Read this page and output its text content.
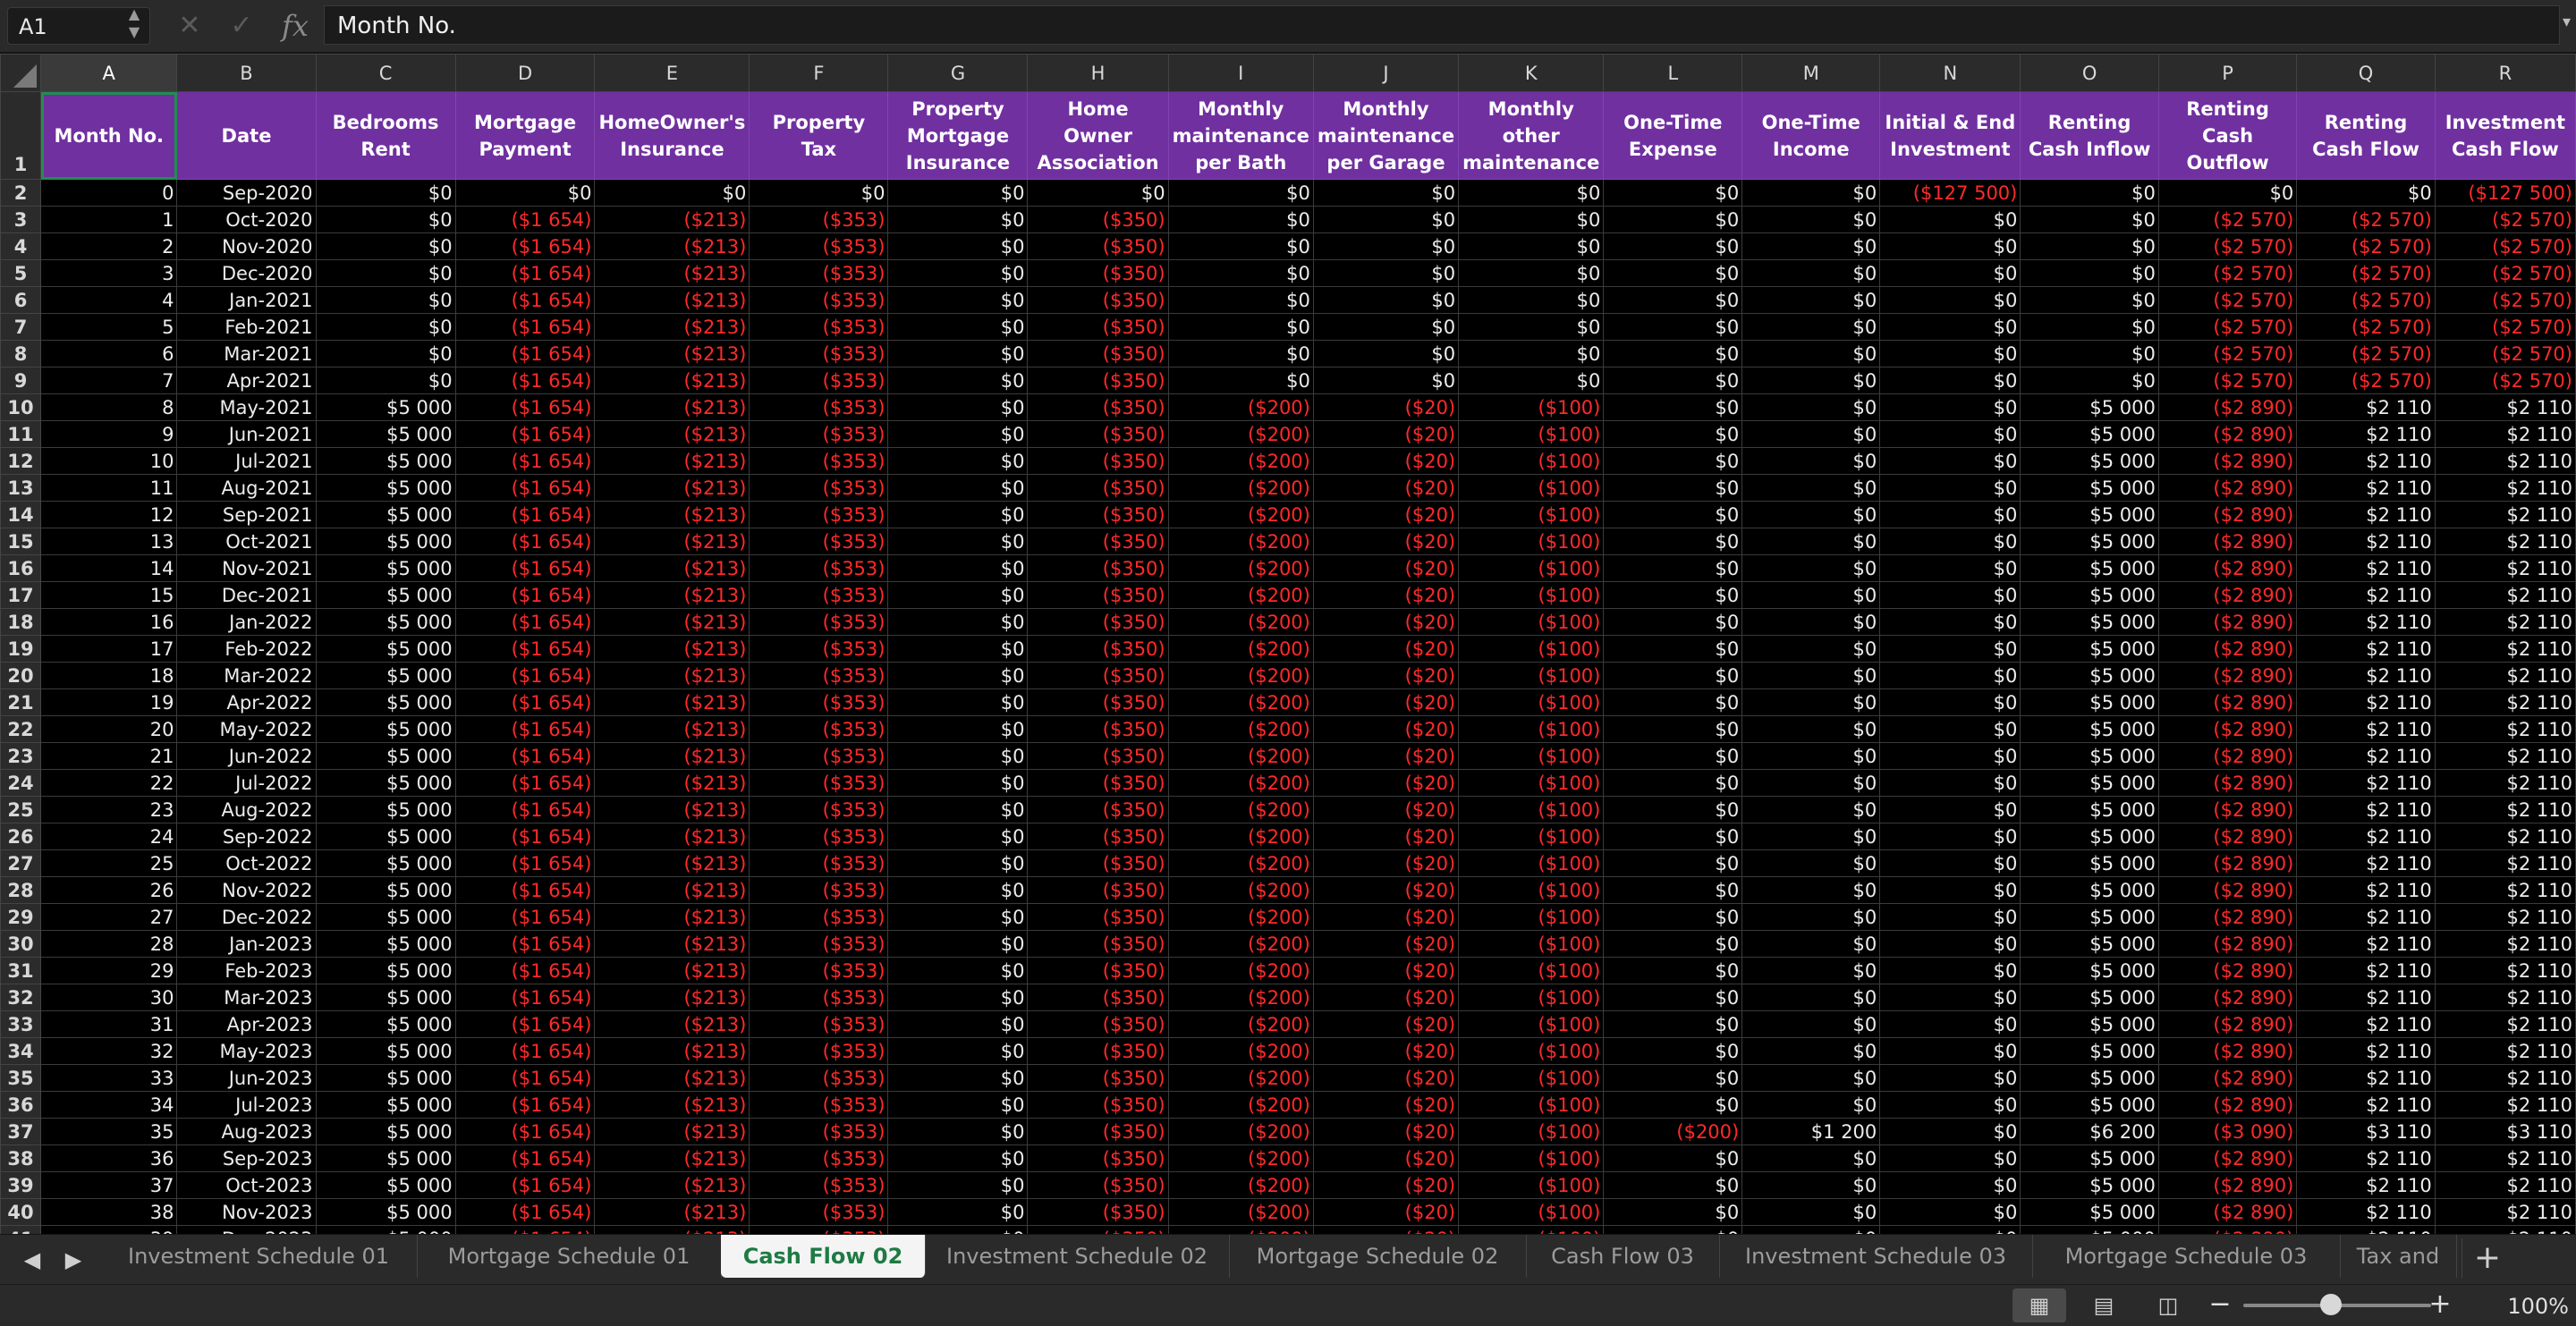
A1
▲
▼	✕	✓ fx	Month No.	▾
	A	B	C	D	E	F	G	H	I	J	K	L	M	N	O	P	Q	R
1	Month No.	Date	Bedrooms Rent	Mortgage Payment	HomeOwner's Insurance	Property Tax	Property Mortgage Insurance	Home Owner Association	Monthly maintenance per Bath	Monthly maintenance per Garage	Monthly other maintenance	One-Time Expense	One-Time Income	Initial & End Investment	Renting Cash Inflow	Renting Cash Outflow	Renting Cash Flow	Investment Cash Flow
2	0	Sep-2020	$0	$0	$0	$0	$0	$0	$0	$0	$0	$0	$0	($127 500)	$0	$0	$0	($127 500)
3	1	Oct-2020	$0	($1 654)	($213)	($353)	$0	($350)	$0	$0	$0	$0	$0	$0	$0	($2 570)	($2 570)	($2 570)
4	2	Nov-2020	$0	($1 654)	($213)	($353)	$0	($350)	$0	$0	$0	$0	$0	$0	$0	($2 570)	($2 570)	($2 570)
5	3	Dec-2020	$0	($1 654)	($213)	($353)	$0	($350)	$0	$0	$0	$0	$0	$0	$0	($2 570)	($2 570)	($2 570)
6	4	Jan-2021	$0	($1 654)	($213)	($353)	$0	($350)	$0	$0	$0	$0	$0	$0	$0	($2 570)	($2 570)	($2 570)
7	5	Feb-2021	$0	($1 654)	($213)	($353)	$0	($350)	$0	$0	$0	$0	$0	$0	$0	($2 570)	($2 570)	($2 570)
8	6	Mar-2021	$0	($1 654)	($213)	($353)	$0	($350)	$0	$0	$0	$0	$0	$0	$0	($2 570)	($2 570)	($2 570)
9	7	Apr-2021	$0	($1 654)	($213)	($353)	$0	($350)	$0	$0	$0	$0	$0	$0	$0	($2 570)	($2 570)	($2 570)
10	8	May-2021	$5 000	($1 654)	($213)	($353)	$0	($350)	($200)	($20)	($100)	$0	$0	$0	$5 000	($2 890)	$2 110	$2 110
11	9	Jun-2021	$5 000	($1 654)	($213)	($353)	$0	($350)	($200)	($20)	($100)	$0	$0	$0	$5 000	($2 890)	$2 110	$2 110
12	10	Jul-2021	$5 000	($1 654)	($213)	($353)	$0	($350)	($200)	($20)	($100)	$0	$0	$0	$5 000	($2 890)	$2 110	$2 110
13	11	Aug-2021	$5 000	($1 654)	($213)	($353)	$0	($350)	($200)	($20)	($100)	$0	$0	$0	$5 000	($2 890)	$2 110	$2 110
14	12	Sep-2021	$5 000	($1 654)	($213)	($353)	$0	($350)	($200)	($20)	($100)	$0	$0	$0	$5 000	($2 890)	$2 110	$2 110
15	13	Oct-2021	$5 000	($1 654)	($213)	($353)	$0	($350)	($200)	($20)	($100)	$0	$0	$0	$5 000	($2 890)	$2 110	$2 110
16	14	Nov-2021	$5 000	($1 654)	($213)	($353)	$0	($350)	($200)	($20)	($100)	$0	$0	$0	$5 000	($2 890)	$2 110	$2 110
17	15	Dec-2021	$5 000	($1 654)	($213)	($353)	$0	($350)	($200)	($20)	($100)	$0	$0	$0	$5 000	($2 890)	$2 110	$2 110
18	16	Jan-2022	$5 000	($1 654)	($213)	($353)	$0	($350)	($200)	($20)	($100)	$0	$0	$0	$5 000	($2 890)	$2 110	$2 110
19	17	Feb-2022	$5 000	($1 654)	($213)	($353)	$0	($350)	($200)	($20)	($100)	$0	$0	$0	$5 000	($2 890)	$2 110	$2 110
20	18	Mar-2022	$5 000	($1 654)	($213)	($353)	$0	($350)	($200)	($20)	($100)	$0	$0	$0	$5 000	($2 890)	$2 110	$2 110
21	19	Apr-2022	$5 000	($1 654)	($213)	($353)	$0	($350)	($200)	($20)	($100)	$0	$0	$0	$5 000	($2 890)	$2 110	$2 110
22	20	May-2022	$5 000	($1 654)	($213)	($353)	$0	($350)	($200)	($20)	($100)	$0	$0	$0	$5 000	($2 890)	$2 110	$2 110
23	21	Jun-2022	$5 000	($1 654)	($213)	($353)	$0	($350)	($200)	($20)	($100)	$0	$0	$0	$5 000	($2 890)	$2 110	$2 110
24	22	Jul-2022	$5 000	($1 654)	($213)	($353)	$0	($350)	($200)	($20)	($100)	$0	$0	$0	$5 000	($2 890)	$2 110	$2 110
25	23	Aug-2022	$5 000	($1 654)	($213)	($353)	$0	($350)	($200)	($20)	($100)	$0	$0	$0	$5 000	($2 890)	$2 110	$2 110
26	24	Sep-2022	$5 000	($1 654)	($213)	($353)	$0	($350)	($200)	($20)	($100)	$0	$0	$0	$5 000	($2 890)	$2 110	$2 110
27	25	Oct-2022	$5 000	($1 654)	($213)	($353)	$0	($350)	($200)	($20)	($100)	$0	$0	$0	$5 000	($2 890)	$2 110	$2 110
28	26	Nov-2022	$5 000	($1 654)	($213)	($353)	$0	($350)	($200)	($20)	($100)	$0	$0	$0	$5 000	($2 890)	$2 110	$2 110
29	27	Dec-2022	$5 000	($1 654)	($213)	($353)	$0	($350)	($200)	($20)	($100)	$0	$0	$0	$5 000	($2 890)	$2 110	$2 110
30	28	Jan-2023	$5 000	($1 654)	($213)	($353)	$0	($350)	($200)	($20)	($100)	$0	$0	$0	$5 000	($2 890)	$2 110	$2 110
31	29	Feb-2023	$5 000	($1 654)	($213)	($353)	$0	($350)	($200)	($20)	($100)	$0	$0	$0	$5 000	($2 890)	$2 110	$2 110
32	30	Mar-2023	$5 000	($1 654)	($213)	($353)	$0	($350)	($200)	($20)	($100)	$0	$0	$0	$5 000	($2 890)	$2 110	$2 110
33	31	Apr-2023	$5 000	($1 654)	($213)	($353)	$0	($350)	($200)	($20)	($100)	$0	$0	$0	$5 000	($2 890)	$2 110	$2 110
34	32	May-2023	$5 000	($1 654)	($213)	($353)	$0	($350)	($200)	($20)	($100)	$0	$0	$0	$5 000	($2 890)	$2 110	$2 110
35	33	Jun-2023	$5 000	($1 654)	($213)	($353)	$0	($350)	($200)	($20)	($100)	$0	$0	$0	$5 000	($2 890)	$2 110	$2 110
36	34	Jul-2023	$5 000	($1 654)	($213)	($353)	$0	($350)	($200)	($20)	($100)	$0	$0	$0	$5 000	($2 890)	$2 110	$2 110
37	35	Aug-2023	$5 000	($1 654)	($213)	($353)	$0	($350)	($200)	($20)	($100)	($200)	$1 200	$0	$6 200	($3 090)	$3 110	$3 110
38	36	Sep-2023	$5 000	($1 654)	($213)	($353)	$0	($350)	($200)	($20)	($100)	$0	$0	$0	$5 000	($2 890)	$2 110	$2 110
39	37	Oct-2023	$5 000	($1 654)	($213)	($353)	$0	($350)	($200)	($20)	($100)	$0	$0	$0	$5 000	($2 890)	$2 110	$2 110
40	38	Nov-2023	$5 000	($1 654)	($213)	($353)	$0	($350)	($200)	($20)	($100)	$0	$0	$0	$5 000	($2 890)	$2 110	$2 110

◀	▶	Investment Schedule 01	Mortgage Schedule 01	Cash Flow 02	Investment Schedule 02	Mortgage Schedule 02	Cash Flow 03	Investment Schedule 03	Mortgage Schedule 03	Tax and	+
▦	▤	◫	−	+	100%
